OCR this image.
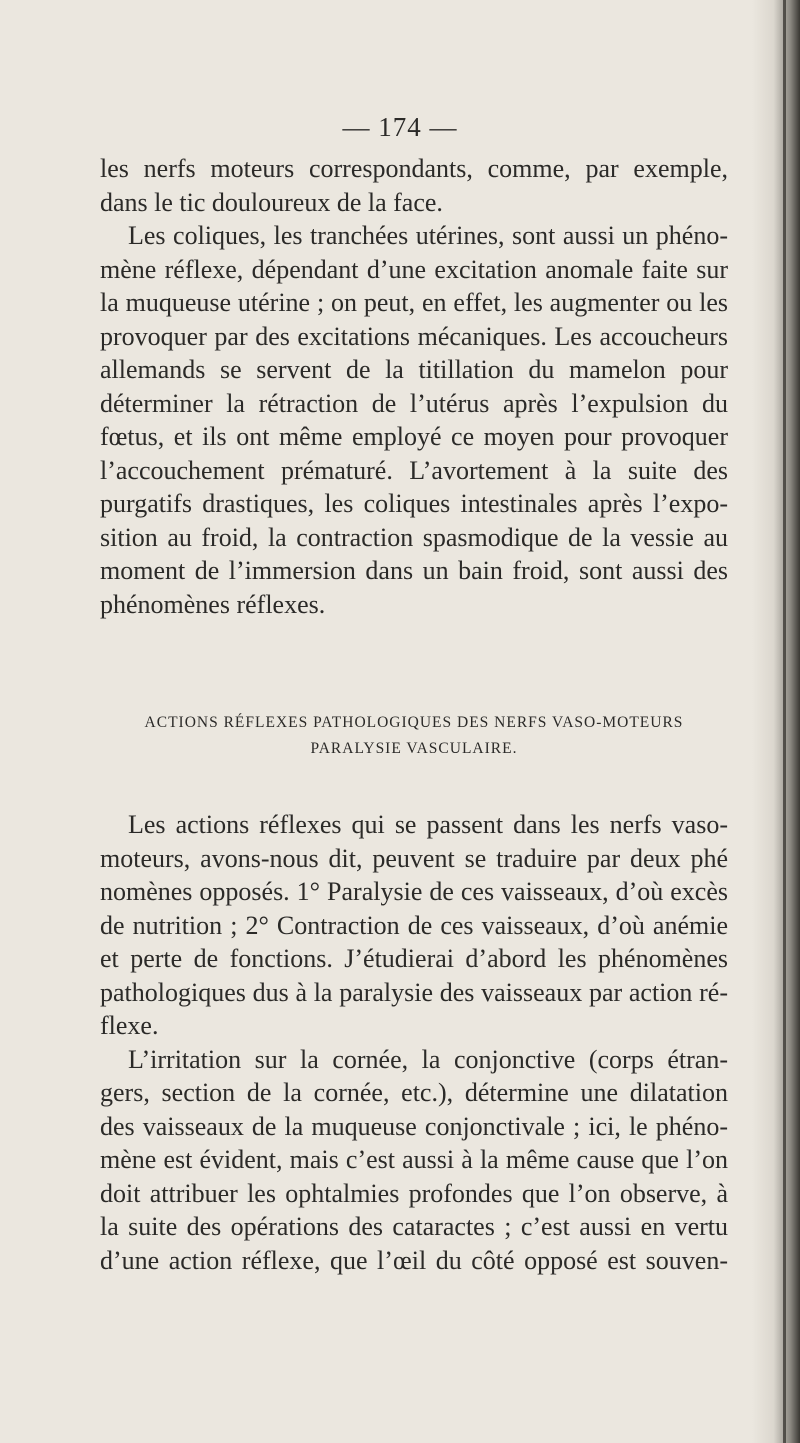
— 174 —
les nerfs moteurs correspondants, comme, par exemple,
dans le tic douloureux de la face.
Les coliques, les tranchées utérines, sont aussi un phéno-
mène réflexe, dépendant d’une excitation anomale faite sur
la muqueuse utérine ; on peut, en effet, les augmenter ou les
provoquer par des excitations mécaniques. Les accoucheurs
allemands se servent de la titillation du mamelon pour
déterminer la rétraction de l’utérus après l’expulsion du
fœtus, et ils ont même employé ce moyen pour provoquer
l’accouchement prématuré. L’avortement à la suite des
purgatifs drastiques, les coliques intestinales après l’expo-
sition au froid, la contraction spasmodique de la vessie au
moment de l’immersion dans un bain froid, sont aussi des
phénomènes réflexes.
ACTIONS RÉFLEXES PATHOLOGIQUES DES NERFS VASO-MOTEURS
PARALYSIE VASCULAIRE.
Les actions réflexes qui se passent dans les nerfs vaso-
moteurs, avons-nous dit, peuvent se traduire par deux phé
nomènes opposés. 1° Paralysie de ces vaisseaux, d’où excès
de nutrition ; 2° Contraction de ces vaisseaux, d’où anémie
et perte de fonctions. J’étudierai d’abord les phénomènes
pathologiques dus à la paralysie des vaisseaux par action ré-
flexe.
L’irritation sur la cornée, la conjonctive (corps étran-
gers, section de la cornée, etc.), détermine une dilatation
des vaisseaux de la muqueuse conjonctivale ; ici, le phéno-
mène est évident, mais c’est aussi à la même cause que l’on
doit attribuer les ophtalmies profondes que l’on observe, à
la suite des opérations des cataractes ; c’est aussi en vertu
d’une action réflexe, que l’œil du côté opposé est souven-
